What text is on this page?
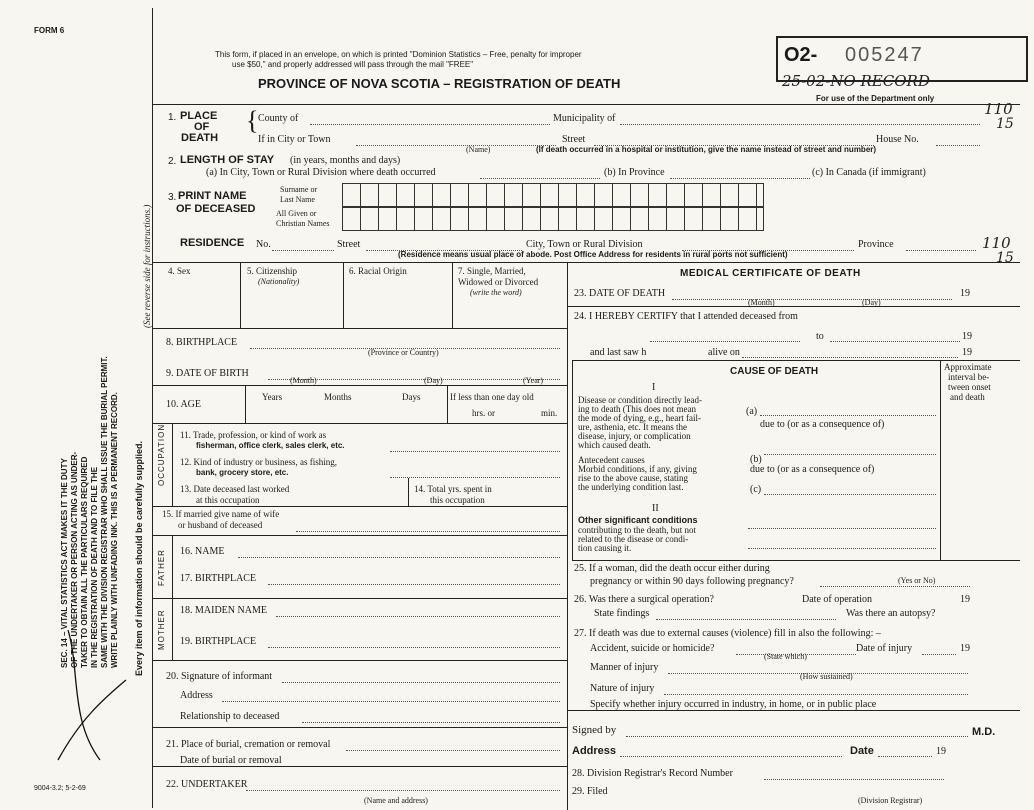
FORM 6
SEC. 14 – VITAL STATISTICS ACT MAKES IT THE DUTY OF THE UNDERTAKER OR PERSON ACTING AS UNDER- TAKER TO OBTAIN ALL THE PARTICULARS REQUIRED IN THE REGISTRATION OF DEATH AND TO FILE THE SAME WITH THE DIVISION REGISTRAR WHO SHALL ISSUE THE BURIAL PERMIT. WRITE PLAINLY WITH UNFADING INK. THIS IS A PERMANENT RECORD. Every item of information should be carefully supplied.
(See reverse side for instructions.)
9004-3.2; 5-2-69
This form, if placed in an envelope, on which is printed "Dominion Statistics – Free, penalty for improper
use $50," and properly addressed will pass through the mail "FREE"
PROVINCE OF NOVA SCOTIA – REGISTRATION OF DEATH
O2- 005247
25-02-NO RECORD
For use of the Department only
110
15
110
15
1. PLACE
OF
DEATH
{ County of	Municipality of
If in City or Town	Street	House No.
(Name)	(If death occurred in a hospital or institution, give the name instead of street and number)
2. LENGTH OF STAY (in years, months and days)
(a) In City, Town or Rural Division where death occurred	(b) In Province	(c) In Canada (if immigrant)
3. PRINT NAME
OF DECEASED
Surname or
Last Name
All Given or
Christian Names
RESIDENCE No.	Street	City, Town or Rural Division	Province
(Residence means usual place of abode. Post Office Address for residents in rural ports not sufficient)
4. Sex	5. Citizenship
(Nationality)
6. Racial Origin	7. Single, Married,
Widowed or Divorced
(write the word)
8. BIRTHPLACE
(Province or Country)
9. DATE OF BIRTH
(Month)	(Day)	(Year)
10. AGE
Years	Months	Days	If less than one day old
hrs. or	min.
OCCUPATION 11. Trade, profession, or kind of work as
fisherman, office clerk, sales clerk, etc.
12. Kind of industry or business, as fishing,
bank, grocery store, etc.
13. Date deceased last worked
at this occupation
14. Total yrs. spent in
this occupation
15. If married give name of wife
or husband of deceased
FATHER
MOTHER
16. NAME
17. BIRTHPLACE
18. MAIDEN NAME
19. BIRTHPLACE
20. Signature of informant
Address
Relationship to deceased
21. Place of burial, cremation or removal
Date of burial or removal
22. UNDERTAKER
(Name and address)
MEDICAL CERTIFICATE OF DEATH
23. DATE OF DEATH	19
(Month)	(Day)
24. I HEREBY CERTIFY that I attended deceased from
to	19
and last saw h	alive on	19
CAUSE OF DEATH	Approximate
interval be-
tween onset
and death
I
Disease or condition directly lead-
ing to death (This does not mean
the mode of dying, e.g., heart fail-
ure, asthenia, etc. It means the
disease, injury, or complication
which caused death.
(a)
due to (or as a consequence of)
(b)
Antecedent causes
Morbid conditions, if any, giving
rise to the above cause, stating
the underlying condition last.
due to (or as a consequence of)
(c)
II
Other significant conditions
contributing to the death, but not
related to the disease or condi-
tion causing it.
25. If a woman, did the death occur either during
pregnancy or within 90 days following pregnancy?	(Yes or No)
26. Was there a surgical operation?	Date of operation	19
State findings	Was there an autopsy?
27. If death was due to external causes (violence) fill in also the following: –
Accident, suicide or homicide?
(State which)
Date of injury	19
Manner of injury
(How sustained)
Nature of injury
Specify whether injury occurred in industry, in home, or in public place
Signed by	M.D.
Address	Date	19
28. Division Registrar's Record Number
29. Filed
(Division Registrar)
